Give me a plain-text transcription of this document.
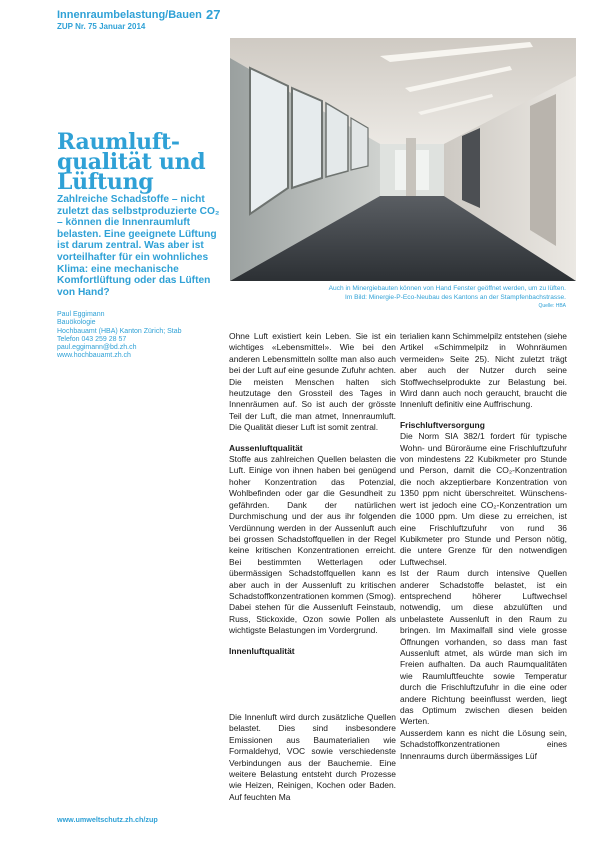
Innenraumbelastung/Bauen 27
ZUP Nr. 75 Januar 2014
Auch in Minergiebauten können von Hand Fenster geöffnet werden, um zu lüften.
Im Bild: Minergie-P-Eco-Neubau des Kantons an der Stampfenbachstrasse.
Quelle: HBA
Raumluftqualität und Lüftung

Zahlreiche Schadstoffe – nicht zuletzt das selbstproduzierte CO₂ – können die Innenraumluft belasten. Eine geeignete Lüftung ist darum zentral. Was aber ist vorteilhafter für ein wohnliches Klima: eine mechanische Komfortlüftung oder das Lüften von Hand?

Paul Eggimann
Bauökologie
Hochbauamt (HBA) Kanton Zürich; Stab
Telefon 043 259 28 57
paul.eggimann@bd.zh.ch
www.hochbauamt.zh.ch

Ohne Luft existiert kein Leben. Sie ist ein wichtiges «Lebensmittel». Wie bei den anderen Lebensmitteln sollte man also auch bei der Luft auf eine gesunde Zufuhr achten. Die meisten Menschen halten sich heutzutage den Grossteil des Tages in Innenräumen auf. So ist auch der grösste Teil der Luft, die man atmet, Innenraumluft. Die Qualität dieser Luft ist somit zentral.

Aussenluftqualität

Stoffe aus zahlreichen Quellen belasten die Luft. Einige von ihnen haben bei genügend hoher Konzentration das Potenzial, Wohlbefinden oder gar die Gesundheit zu gefährden. Dank der natürlichen Durchmischung und der aus ihr folgenden Verdünnung werden in der Aussenluft auch bei grossen Schadstoffquellen in der Regel keine kritischen Konzentrationen erreicht. Bei bestimmten Wetterlagen oder übermässigen Schadstoffquellen kann es aber auch in der Aussenluft zu kritischen Schadstoffkonzentrationen kommen (Smog). Dabei stehen für die Aussenluft Feinstaub, Russ, Stickoxide, Ozon sowie Pollen als wichtigste Belastungen im Vordergrund.

Innenluftqualität

Die Innenluft wird durch zusätzliche Quellen belastet. Dies sind insbesondere Emissionen aus Baumaterialien wie Formaldehyd, VOC sowie verschiedenste Verbindungen aus der Bauchemie. Eine weitere Belastung entsteht durch Prozesse wie Heizen, Reinigen, Kochen oder Baden. Auf feuchten Ma

terialien kann Schimmelpilz entstehen (siehe Artikel «Schimmelpilz in Wohnräumen vermeiden» Seite 25). Nicht zuletzt trägt aber auch der Nutzer durch seine Stoffwechselprodukte zur Belastung bei. Wird dann auch noch geraucht, braucht die Innenluft definitiv eine Auffrischung.

Frischluftversorgung

Die Norm SIA 382/1 fordert für typische Wohn- und Büroräume eine Frischluftzufuhr von mindestens 22 Kubikmeter pro Stunde und Person, damit die CO₂-Konzentration die noch akzeptierbare Konzentration von 1350 ppm nicht überschreitet. Wünschenswert ist jedoch eine CO₂-Konzentration um die 1000 ppm. Um diese zu erreichen, ist eine Frischluftzufuhr von rund 36 Kubikmeter pro Stunde und Person nötig, die untere Grenze für den notwendigen Luftwechsel.

Ist der Raum durch intensive Quellen anderer Schadstoffe belastet, ist ein entsprechend höherer Luftwechsel notwendig, um diese abzulüften und unbelastete Aussenluft in den Raum zu bringen. Im Maximalfall sind viele grosse Öffnungen vorhanden, so dass man fast Aussenluft atmet, als würde man sich im Freien aufhalten. Da auch Raumqualitäten wie Raumluftfeuchte sowie Temperatur durch die Frischluftzufuhr in die eine oder andere Richtung beeinflusst werden, liegt das Optimum zwischen diesen beiden Werten.

Ausserdem kann es nicht die Lösung sein, Schadstoffkonzentrationen eines Innenraums durch übermässiges Lüf

www.umweltschutz.zh.ch/zup
